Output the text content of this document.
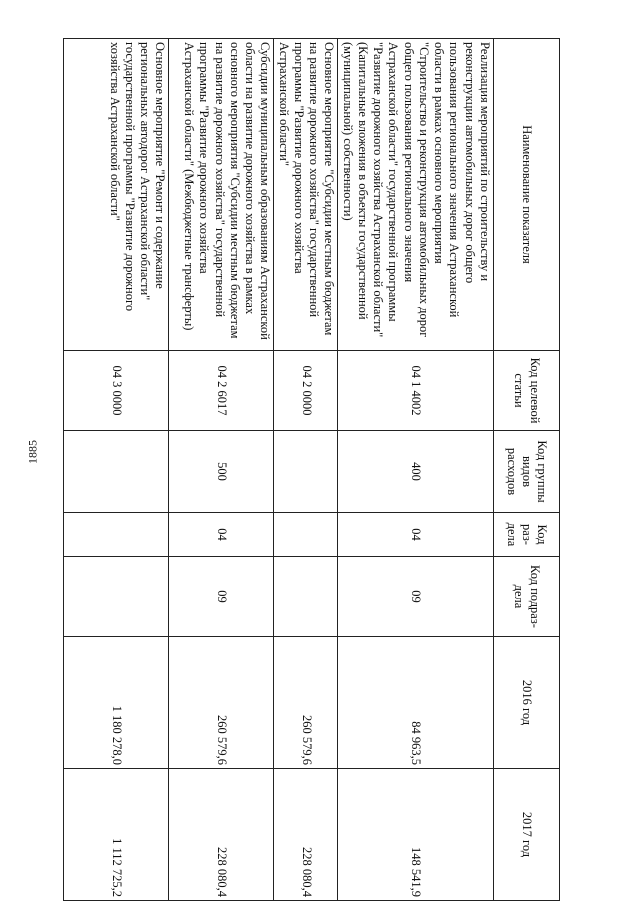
1885
Наименование показателя	Код целевой статьи	Код группы видов расходов	Код раз-дела	Код подраз-дела	2016 год	2017 год
Реализация мероприятий по строительству и реконструкции автомобильных дорог общего пользования регионального значения Астраханской области в рамках основного мероприятия "Строительство и реконструкция автомобильных дорог общего пользования регионального значения Астраханской области" государственной программы "Развитие дорожного хозяйства Астраханской области" (Капитальные вложения в объекты государственной (муниципальной) собственности)	04 1 4002	400	04	09	84 963,5	148 541,9
Основное мероприятие "Субсидии местным бюджетам на развитие дорожного хозяйства" государственной программы "Развитие дорожного хозяйства Астраханской области"	04 2 0000				260 579,6	228 080,4
Субсидии муниципальным образованиям Астраханской области на развитие дорожного хозяйства в рамках основного мероприятия "Субсидии местным бюджетам на развитие дорожного хозяйства" государственной программы "Развитие дорожного хозяйства Астраханской области" (Межбюджетные трансферты)	04 2 6017	500	04	09	260 579,6	228 080,4
Основное мероприятие "Ремонт и содержание региональных автодорог Астраханской области" государственной программы "Развитие дорожного хозяйства Астраханской области"	04 3 0000				1 180 278,0	1 112 725,2
